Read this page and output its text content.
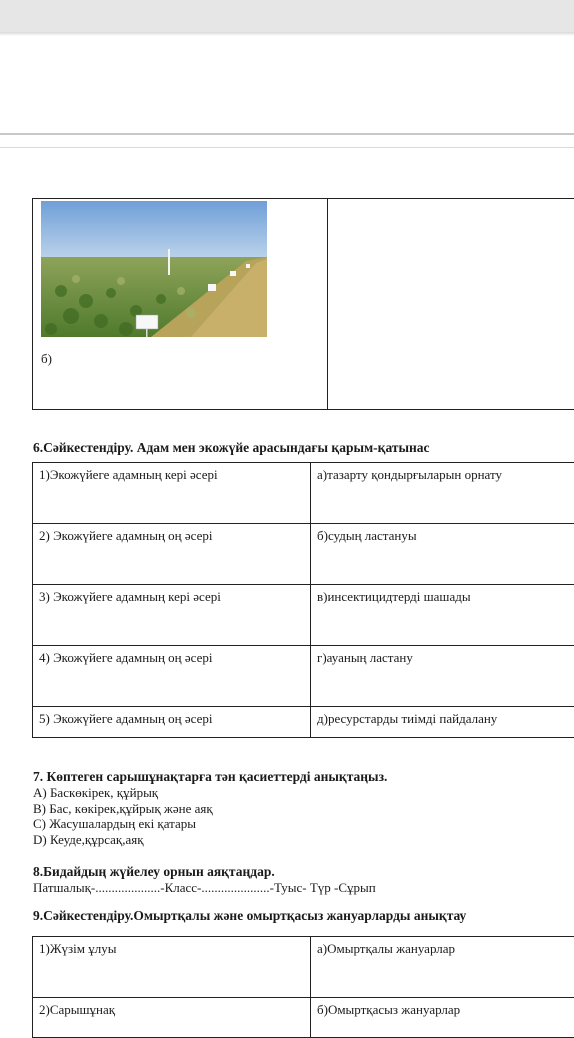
б)
6.Сәйкестендіру. Адам мен экожүйе арасындағы қарым-қатынас
1)Экожүйеге адамның кері әсері	а)тазарту қондырғыларын орнату
2) Экожүйеге адамның оң әсері	б)судың ластануы
3) Экожүйеге адамның кері әсері	в)инсектицидтерді шашады
4) Экожүйеге адамның оң әсері	г)ауаның ластану
5) Экожүйеге адамның оң әсері	д)ресурстарды тиімді пайдалану
7. Көптеген сарышұнақтарға тән қасиеттерді анықтаңыз.
A) Баскөкірек, құйрық
B) Бас, көкірек,құйрық және аяқ
C) Жасушалардың екі қатары
D) Кеуде,құрсақ,аяқ
8.Бидайдың жүйелеу орнын аяқтаңдар.
Патшалық-....................-Класс-.....................-Туыс- Түр -Сұрып
9.Сәйкестендіру.Омыртқалы және омыртқасыз жануарларды анықтау
1)Жүзім ұлуы	а)Омыртқалы жануарлар
2)Сарышұнақ	б)Омыртқасыз жануарлар
